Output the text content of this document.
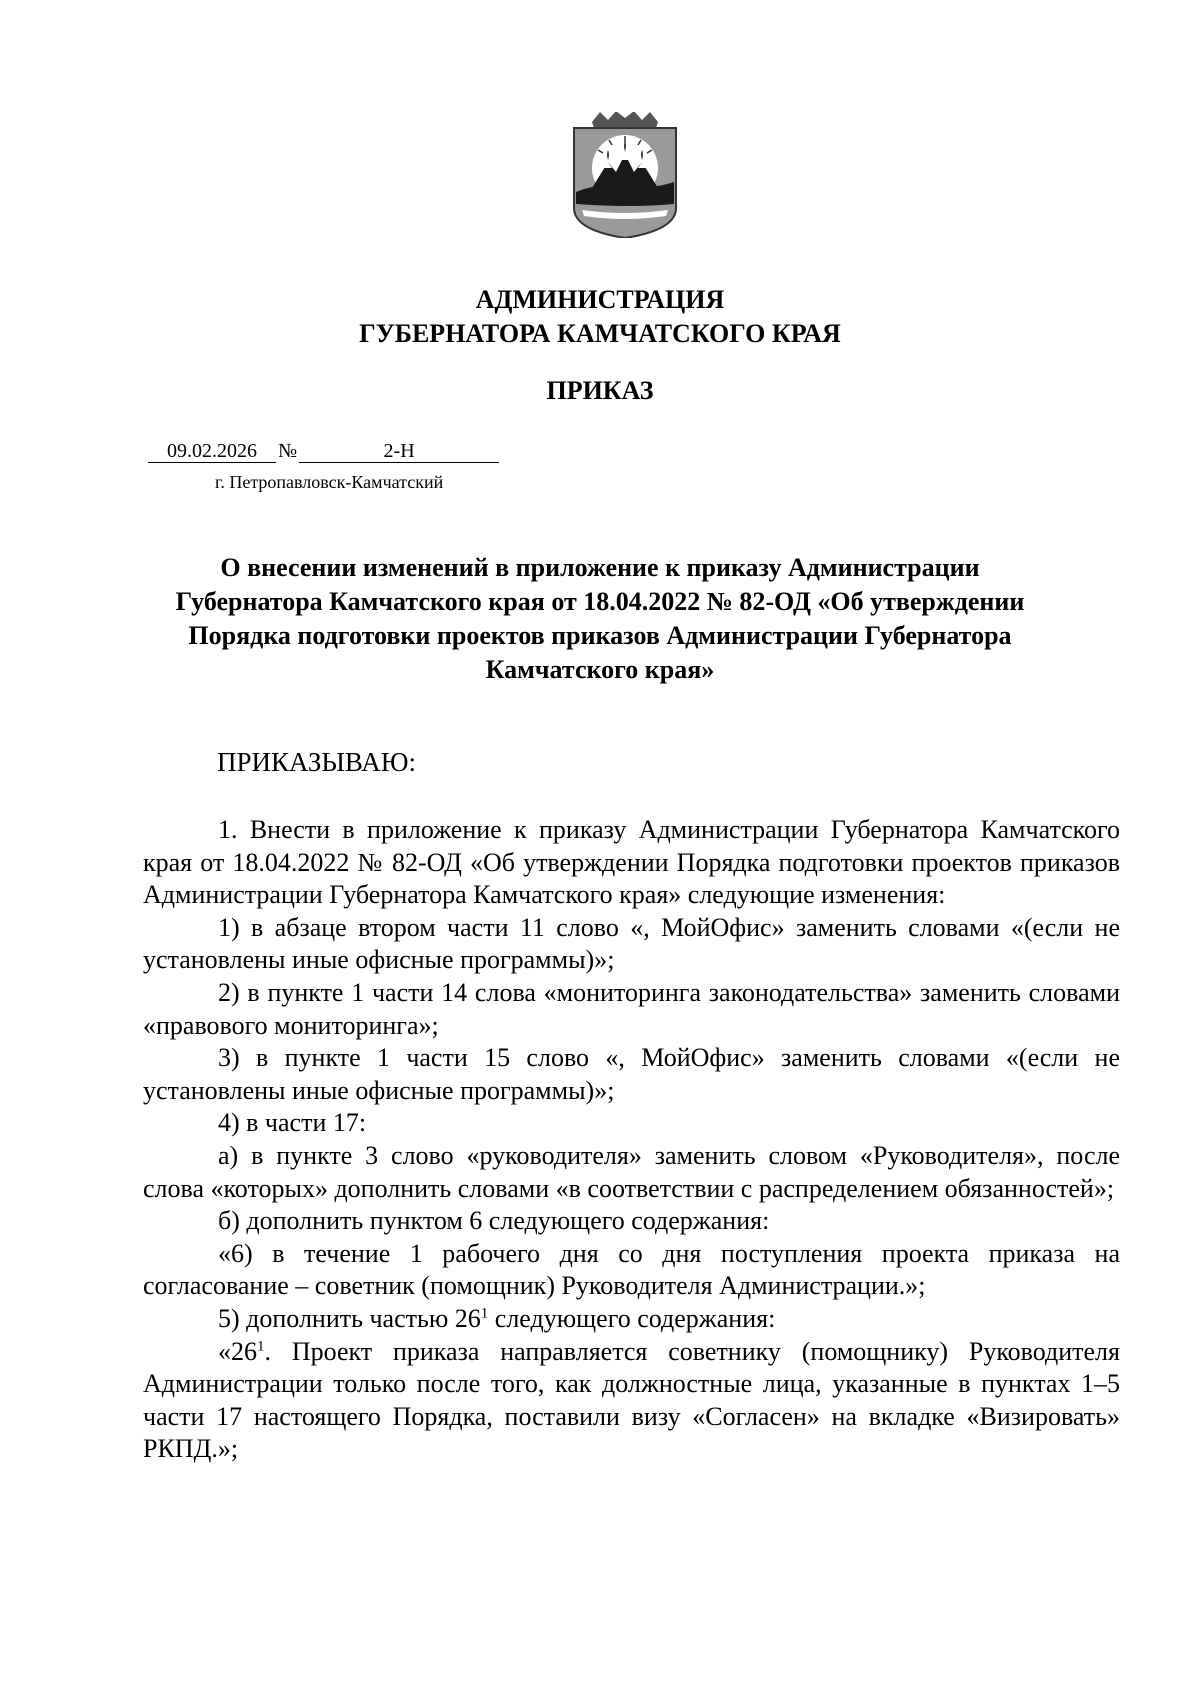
АДМИНИСТРАЦИЯ
ГУБЕРНАТОРА КАМЧАТСКОГО КРАЯ
ПРИКАЗ
09.02.2026 №	2-Н
г. Петропавловск-Камчатский
О внесении изменений в приложение к приказу Администрации
Губернатора Камчатского края от 18.04.2022 № 82-ОД «Об утверждении
Порядка подготовки проектов приказов Администрации Губернатора
Камчатского края»
ПРИКАЗЫВАЮ:

1. Внести в приложение к приказу Администрации Губернатора Камчатского края от 18.04.2022 № 82-ОД «Об утверждении Порядка подготовки проектов приказов Администрации Губернатора Камчатского края» следующие изменения:

1) в абзаце втором части 11 слово «, МойОфис» заменить словами «(если не установлены иные офисные программы)»;

2) в пункте 1 части 14 слова «мониторинга законодательства» заменить словами «правового мониторинга»;

3) в пункте 1 части 15 слово «, МойОфис» заменить словами «(если не установлены иные офисные программы)»;

4) в части 17:

а) в пункте 3 слово «руководителя» заменить словом «Руководителя», после слова «которых» дополнить словами «в соответствии с распределением обязанностей»;

б) дополнить пунктом 6 следующего содержания:

«6) в течение 1 рабочего дня со дня поступления проекта приказа на согласование – советник (помощник) Руководителя Администрации.»;

5) дополнить частью $26^1$ следующего содержания:

«$26^1$. Проект приказа направляется советнику (помощнику) Руководителя Администрации только после того, как должностные лица, указанные в пунктах 1–5 части 17 настоящего Порядка, поставили визу «Согласен» на вкладке «Визировать» РКПД.»;
